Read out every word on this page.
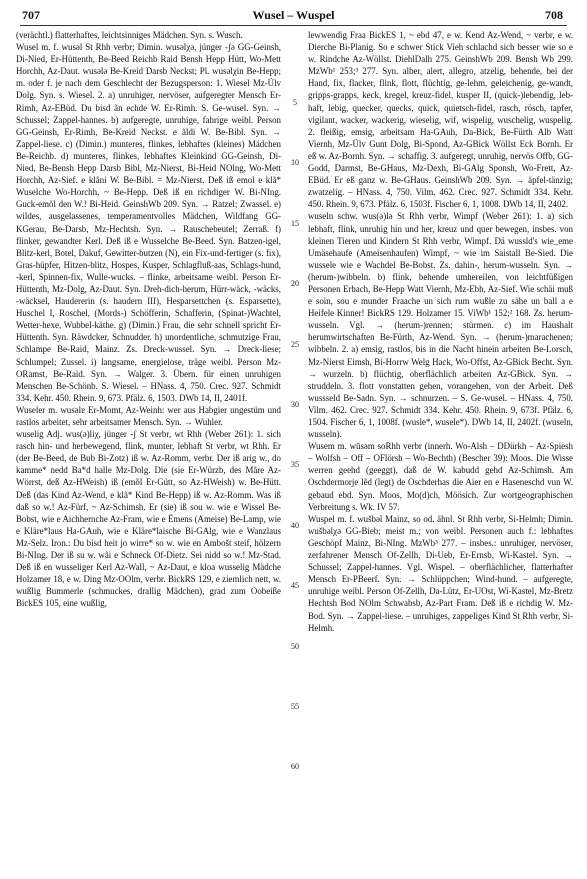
707	Wusel – Wuspel	708

(verächtl.) flatterhaftes, leichtsinniges Mädchen. Syn. s. Wusch.

Wusel m. f. wusəl St Rhh verbr; Dimin. wusəlχə, jünger -ʃə GG-Geinsh, Di-Nied, Er-Hüttenth, Be-Beed Reichb Raid Bensh Hepp Hütt, Wo-Mett Horchh, Az-Daut. wusələ Be-Kreid Darsb Neckst; Pl. wusəlχin Be-Hepp; m. oder f. je nach dem Geschlecht der Bezugsperson: 1. Wiesel Mz-Ülv Dolg. Syn. s. Wiesel. 2. a) unruhiger, nervöser, aufgeregter Mensch Er-Rimh, Az-EBüd. Du bisd ãn echde W. Er-Rimh. S. Ge-wusel. Syn. → Schussel; Zappel-hannes. b) aufgeregte, unruhige, fahrige weibl. Person GG-Geinsh, Er-Rimh, Be-Kreid Neckst. e ãldi W. Be-Bibl. Syn. → Zappel-liese. c) (Dimin.) munteres, flinkes, lebhaftes (kleines) Mädchen Be-Reichb. d) munteres, flinkes, lebhaftes Kleinkind GG-Geinsh, Di-Nied, Be-Bensh Hepp Darsb Bibl, Mz-Nierst, Bi-Heid NOlng, Wo-Mett Horchh, Az-Sief. e klãni W. Be-Bibl. = Mz-Nierst. Deß iß emol e klã* Wuselche Wo-Horchh, ~ Be-Hepp. Deß iß en richdiger W. Bi-NIng. Guck-emõl den W.! Bi-Heid. GeinshWb 209. Syn. → Ratzel; Zwassel. e) wildes, ausgelassenes, temperamentvolles Mädchen, Wildfang GG-KGerau, Be-Darsb, Mz-Hechtsh. Syn. → Rauschebeutel; Zerraß. f) flinker, gewandter Kerl. Deß iß e Wusselche Be-Beed. Syn. Batzen-igel, Blitz-kerl, Botel, Dakuf, Gewitter-butzen (N), ein Fix-und-fertiger (s. fix), Gras-hüpfer, Hitzen-blitz, Hospes, Kusper, Schlagfluß-aas, Schlags-hund, -kerl, Spinnen-fix, Wulle-wucks. – flinke, arbeitsame weibl. Person Er-Hüttenth, Mz-Dolg, Az-Daut. Syn. Dreh-dich-herum, Hürr-wäck, -wäcks, -wäcksel, Haudererin (s. haudern III), Hesparsettchen (s. Esparsette), Huschel I, Roschel, (Mords-) Schöfferin, Schafferin, (Spinat-)Wachtel, Wetter-hexe, Wubbel-käthe. g) (Dimin.) Frau, die sehr schnell spricht Er-Hüttenth. Syn. Räwdcker, Schnudder. h) unordentliche, schmutzige Frau, Schlampe Be-Raid, Mainz. Zs. Dreck-wussel. Syn. → Dreck-liese; Schlumpel; Zussel. i) langsame, energielose, träge weibl. Person Mz-ORamst, Be-Raid. Syn. → Walger. 3. Übern. für einen unruhigen Menschen Be-Schönb. S. Wiesel. – HNass. 4, 750. Crec. 927. Schmidt 334. Kehr. 450. Rhein. 9, 673. Pfälz. 6, 1503. DWb 14, II, 2401f.

Wuseler m. wusəlɐ Er-Momt, Az-Weinh: wer aus Habgier ungestüm und rastlos arbeitet, sehr arbeitsamer Mensch. Syn. → Wuhler.

wuselig Adj. wus(ə)liχ, jünger -ʃ St verbr, wt Rhh (Weber 261): 1. sich rasch hin- und herbewegend, flink, munter, lebhaft St verbr, wt Rhh. Er (der Be-Beed, de Bub Bi-Zotz) iß w. Az-Romm, verbr. Der iß arig w., do kamme* nedd Ba*d halle Mz-Dolg. Die (sie Er-Würzb, des Mãre Az-Wörrst, deß Az-HWeish) iß (emõl Er-Gütt, so Az-HWeish) w. Be-Hütt. Deß (das Kind Az-Wend, e klã* Kind Be-Hepp) iß w. Az-Romm. Was iß daß so w.! Az-Fürf, ~ Az-Schimsh. Er (sie) iß sou w. wie e Wissel Be-Bobst, wie e Aichhernche Az-Fram, wie e Ëmens (Ameise) Be-Lamp, wie e Kläre*laus Ha-GAuh, wie e Kläre*laische Bi-GAlg, wie e Wanzlaus Mz-Selz. Iron.: Du bisd heit jo wirre* so w. wie en Ambošt steif, hölzern Bi-NIng. Der iß su w. wãi e Schneck Of-Dietz. Sei nidd so w.! Mz-Stad. Deß iß en wusseliger Kerl Az-Wall, ~ Az-Daut, e kloa wusselig Mädche Holzamer 18, e w. Ding Mz-OOlm, verbr. BickRS 129, e ziemlich nett, w. wußlig Bummerle (schmuckes, drallig Mädchen), grad zum Oobeiße BickES 105, eine wußlig,

lewwendig Fraa BickES 1, ~ ebd 47, e w. Kend Az-Wend, ~ verbr, e w. Dierche Bi-Planig. So e schwer Stick Vieh schlachd sich besser wie so e w. Rindche Az-Wöllst. DiehlDalh 275. GeinshWb 209. Bensh Wb 299. MzWb¹ 253;³ 277. Syn. alber, alert, allegro, atzelig, behende, bei der Hand, fix, flacker, flink, flott, flüchtig, ge-lehm, geleichenig, ge-wandt, gripps-grapps, keck, kregel, kreuz-fidel, kusper II, (quick-)lebendig, leb-haft, lebig, quecker, quecks, quick, quietsch-fidel, rasch, rösch, tapfer, vigilant, wacker, wackerig, wieselig, wif, wispelig, wuschelig, wuspelig. 2. fleißig, emsig, arbeitsam Ha-GAuh, Da-Bick, Be-Fürth Alb Watt Viernh, Mz-Ülv Gunt Dolg, Bi-Spond, Az-GBick Wöllst Eck Bornh. Er eß w. Az-Bornh. Syn. → schaffig. 3. aufgeregt, unruhig, nervös Offb, GG-Godd, Darmst, Be-GHaus, Mz-Dexh, Bi-GAlg Sponsh, Wo-Frett, Az-EBüd. Er eß ganz w. Be-GHaus. GeinshWb 209. Syn. → äpfel-tänzig; zwatzelig. – HNass. 4, 750. Vilm. 462. Crec. 927. Schmidt 334. Kehr. 450. Rhein. 9, 673. Pfälz. 6, 1503f. Fischer 6, 1, 1008. DWb 14, II, 2402.

wuseln schw. wus(ə)lə St Rhh verbr, Wimpf (Weber 261): 1. a) sich lebhaft, flink, unruhig hin und her, kreuz und quer bewegen, insbes. von kleinen Tieren und Kindern St Rhh verbr, Wimpf. Dä wussld's wie_eme Umäsehaufe (Ameisenhaufen) Wimpf, ~ wie im Saistall Be-Sied. Die wussele wie e Wachdel Be-Bobst. Zs. dahin-, herum-wusseln. Syn. → (herum-)wibbeln. b) flink, behende umhereilen, von leichtfüßigen Personen Erbach, Be-Hepp Watt Viernh, Mz-Ebh, Az-Sief. Wie schäi muß e soin, sou e munder Fraache un sich rum wußle zu sähe un ball a e Heifele Kinner! BickRS 129. Holzamer 15. ViWb¹ 152;² 168. Zs. herum-wusseln. Vgl. → (herum-)rennen; stürmen. c) im Haushalt herumwirtschaften Be-Fürth, Az-Wend. Syn. → (herum-)marachenen; wibbeln. 2. a) emsig, rastlos, bis in die Nacht hinein arbeiten Be-Lorsch, Mz-Nierst Eimsh, Bi-Horrw Welg Hack, Wo-Offst, Az-GBick Becht. Syn. → wurzeln. b) flüchtig, oberflächlich arbeiten Az-GBick. Syn. → struddeln. 3. flott vonstatten gehen, vorangehen, von der Arbeit. Deß wussseld Be-Sadn. Syn. → schnurzen. – S. Ge-wusel. – HNass. 4, 750. Vilm. 462. Crec. 927. Schmidt 334. Kehr. 450. Rhein. 9, 673f. Pfälz. 6, 1504. Fischer 6, 1, 1008f. (wusle*, wusele*). DWb 14, II, 2402f. (wuseln, wusseln).

Wusem m. wūsəm soRhh verbr (innerh. Wo-Alsh – DDürkh – Az-Spiesh – Wolfsh – Off – OFlörsh – Wo-Bechth) (Bescher 39): Moos. Die Wisse werren geehd (geeggt), daß de W. kabudd gehd Az-Schimsh. Am Oschdermorje lẽd (legt) de Oschderhas die Aier en e Haseneschd vun W. gebaud ebd. Syn. Moos, Mo(d)ch, Möösich. Zur wortgeographischen Verbreitung s. Wk. IV 57.

Wuspel m. f. wušbəl Mainz, so od. ähnl. St Rhh verbr, Si-Helmh; Dimin. wušbəlχə GG-Bieb; meist m.; von weibl. Personen auch f.: lebhaftes Geschöpf Mainz, Bi-NIng. MzWb³ 277. – insbes.: unruhiger, nervöser, zerfahrener Mensch Of-Zellh, Di-Ueb, Er-Ernsb, Wi-Kastel. Syn. → Schussel; Zappel-hannes. Vgl. Wispel. – oberflächlicher, flatterhafter Mensch Er-PBeerf. Syn. → Schlüppchen; Wind-hund. – aufgeregte, unruhige weibl. Person Of-Zellh, Da-Lütz, Er-UOst, Wi-Kastel, Mz-Bretz Hechtsh Bod NOlm Schwabsb, Az-Part Fram. Deß iß e richdig W. Mz-Bod. Syn. → Zappel-liese. – unruhiges, zappeliges Kind St Rhh verbr, Si-Helmh.

5
10
15
20
25
30
35
40
45
50
55
60
